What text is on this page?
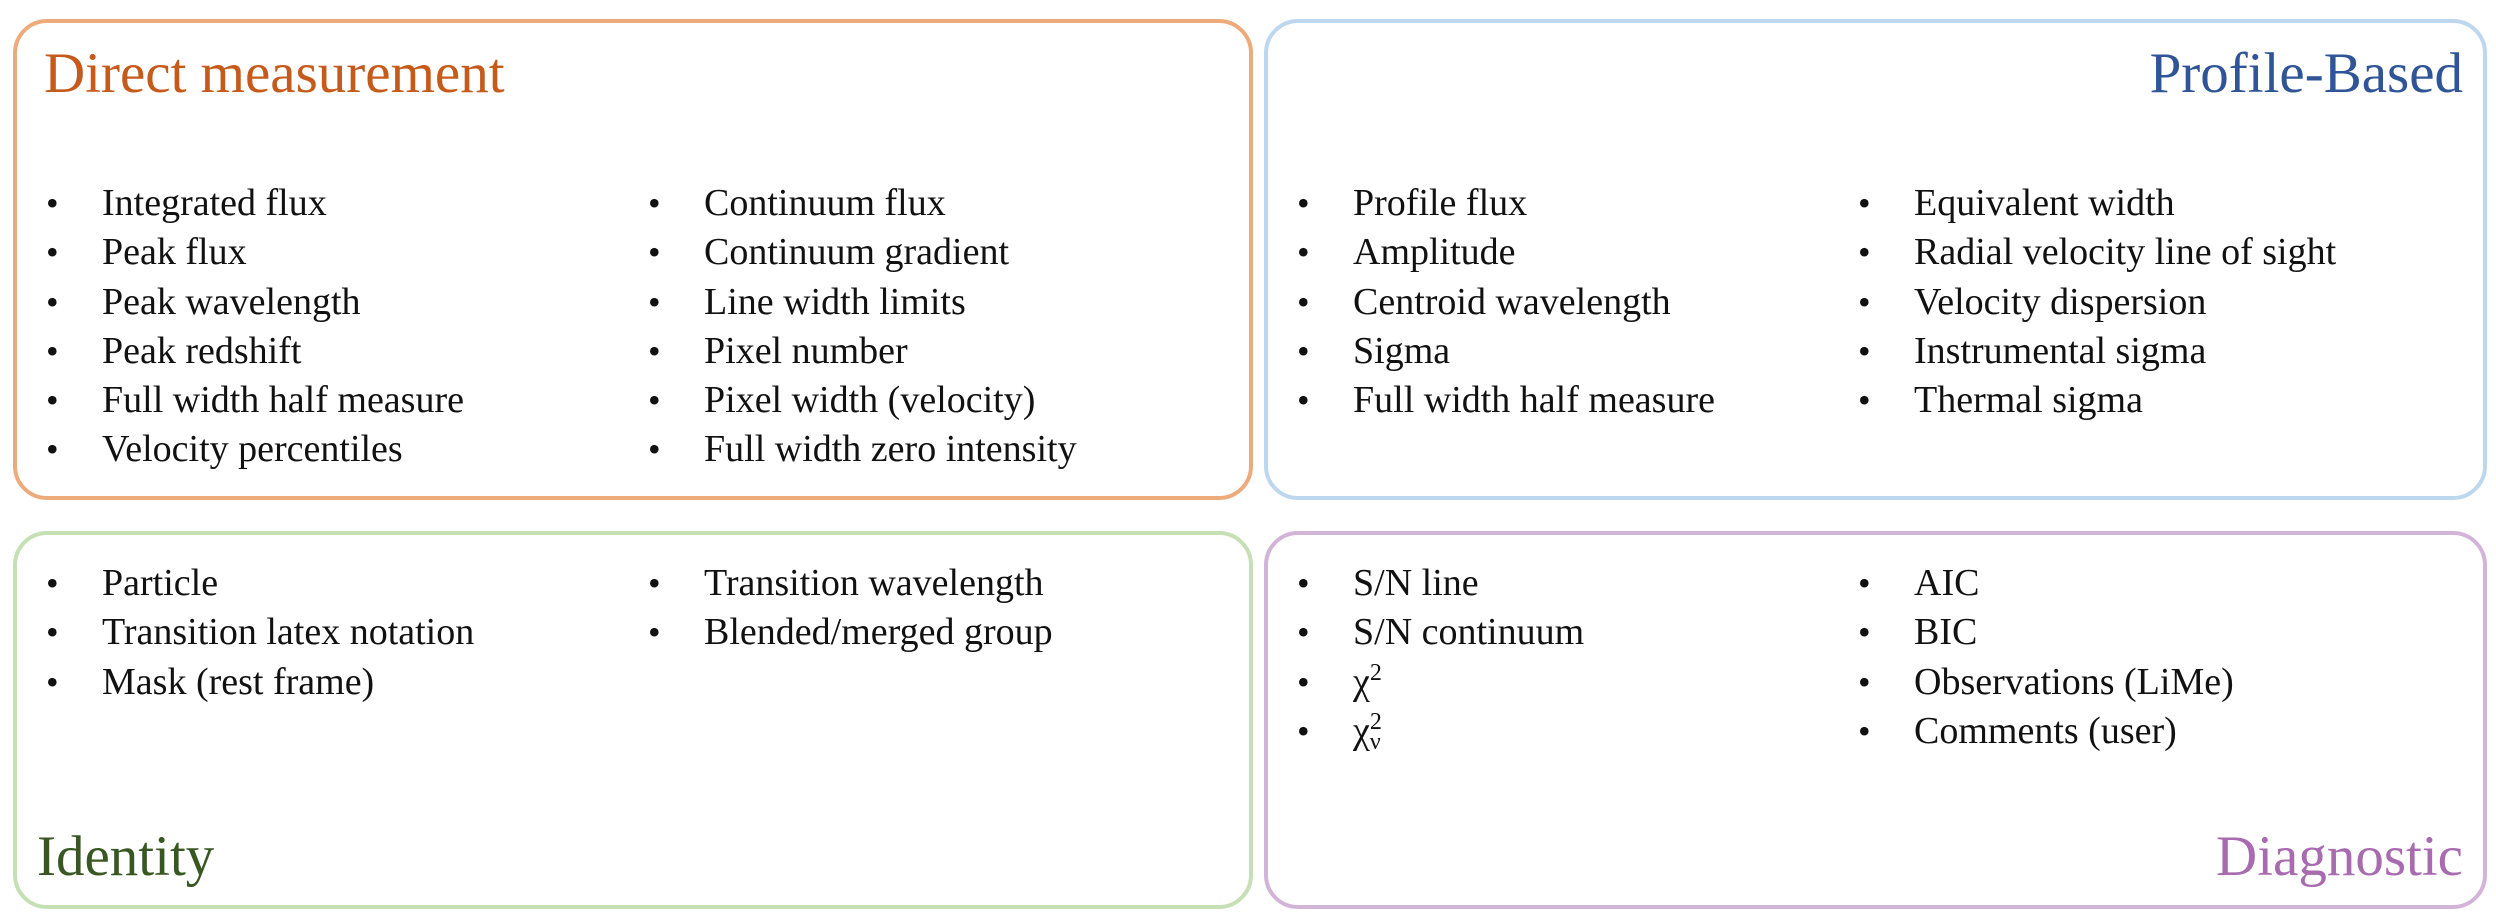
Direct measurement
• Integrated flux
• Peak flux
• Peak wavelength
• Peak redshift
• Full width half measure
• Velocity percentiles
• Continuum flux
• Continuum gradient
• Line width limits
• Pixel number
• Pixel width (velocity)
• Full width zero intensity
Profile-Based
• Profile flux
• Amplitude
• Centroid wavelength
• Sigma
• Full width half measure
• Equivalent width
• Radial velocity line of sight
• Velocity dispersion
• Instrumental sigma
• Thermal sigma
• Particle
• Transition latex notation
• Mask (rest frame)
• Transition wavelength
• Blended/merged group
Identity
• S/N line
• S/N continuum
• $\chi^2$
• $\chi^2_\nu$
• AIC
• BIC
• Observations (LiMe)
• Comments (user)
Diagnostic
